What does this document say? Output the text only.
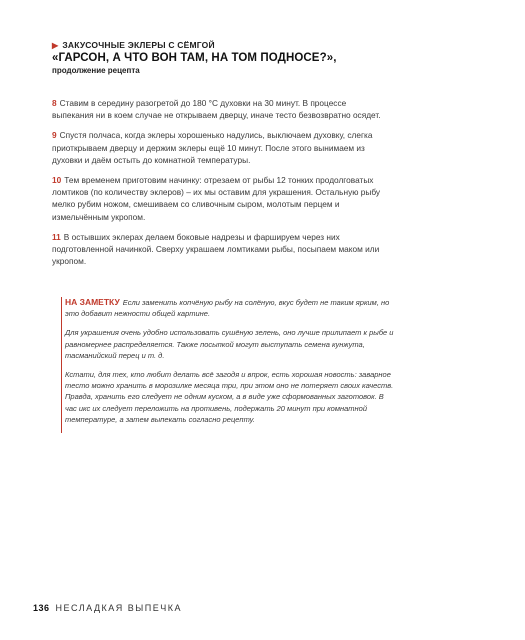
▶ ЗАКУСОЧНЫЕ ЭКЛЕРЫ С СЁМГОЙ
«ГАРСОН, А ЧТО ВОН ТАМ, НА ТОМ ПОДНОСЕ?»,
продолжение рецепта

8 Ставим в середину разогретой до 180 °С духовки на 30 минут. В процессе выпекания ни в коем случае не открываем дверцу, иначе тесто безвозвратно осядет.

9 Спустя полчаса, когда эклеры хорошенько надулись, выключаем духовку, слегка приоткрываем дверцу и держим эклеры ещё 10 минут. После этого вынимаем из духовки и даём остыть до комнатной температуры.

10 Тем временем приготовим начинку: отрезаем от рыбы 12 тонких продолговатых ломтиков (по количеству эклеров) – их мы оставим для украшения. Остальную рыбу мелко рубим ножом, смешиваем со сливочным сыром, молотым перцем и измельчённым укропом.

11 В остывших эклерах делаем боковые надрезы и фаршируем через них подготовленной начинкой. Сверху украшаем ломтиками рыбы, посыпаем маком или укропом.

НА ЗАМЕТКУ Если заменить копчёную рыбу на солёную, вкус будет не таким ярким, но это добавит нежности общей картине.

Для украшения очень удобно использовать сушёную зелень, оно лучше прилипает к рыбе и равномернее распределяется. Также посыпкой могут выступать семена кунжута, тасманийский перец и т. д.

Кстати, для тех, кто любит делать всё загодя и впрок, есть хорошая новость: заварное тесто можно хранить в морозилке месяца три, при этом оно не потеряет своих качеств. Правда, хранить его следует не одним куском, а в виде уже сформованных заготовок. В час икс их следует переложить на противень, подержать 20 минут при комнатной температуре, а затем выпекать согласно рецепту.

136 НЕСЛАДКАЯ ВЫПЕЧКА
